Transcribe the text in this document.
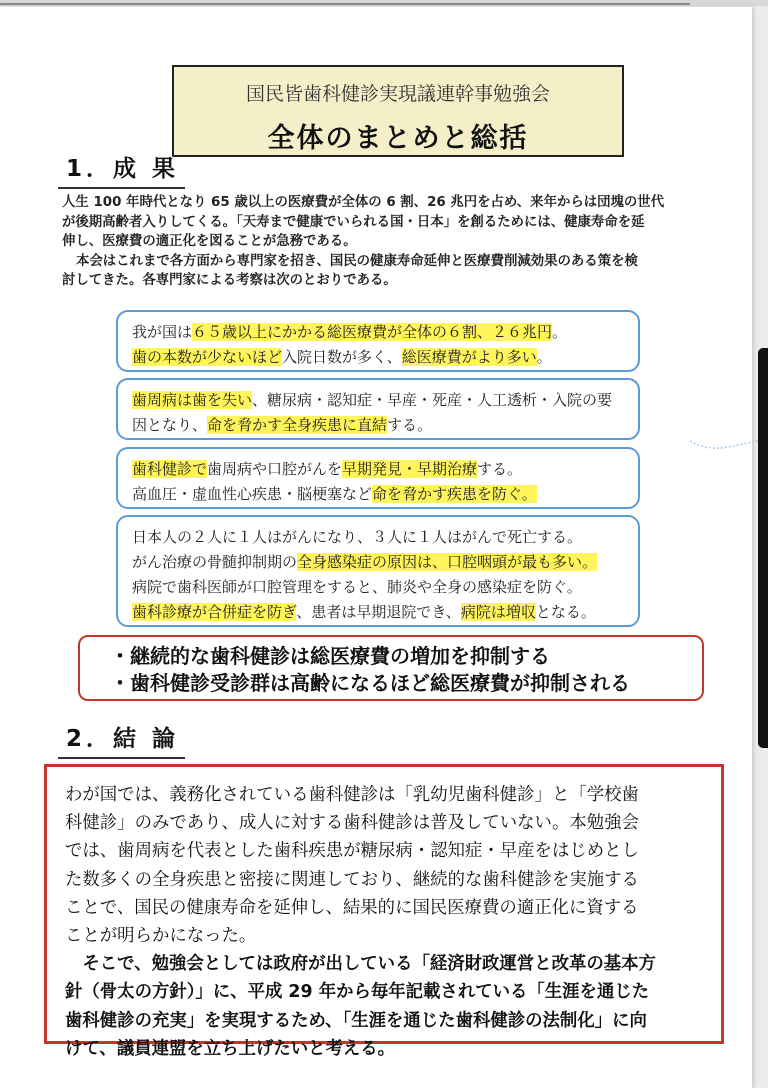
国民皆歯科健診実現議連幹事勉強会
全体のまとめと総括
1．成 果
人生 100 年時代となり 65 歳以上の医療費が全体の 6 割、26 兆円を占め、来年からは団塊の世代
が後期高齢者入りしてくる。「天寿まで健康でいられる国・日本」を創るためには、健康寿命を延
伸し、医療費の適正化を図ることが急務である。
本会はこれまで各方面から専門家を招き、国民の健康寿命延伸と医療費削減効果のある策を検
討してきた。各専門家による考察は次のとおりである。
我が国は６５歳以上にかかる総医療費が全体の６割、２６兆円。
歯の本数が少ないほど入院日数が多く、総医療費がより多い。
歯周病は歯を失い、糖尿病・認知症・早産・死産・人工透析・入院の要
因となり、命を脅かす全身疾患に直結する。
歯科健診で歯周病や口腔がんを早期発見・早期治療する。
高血圧・虚血性心疾患・脳梗塞など命を脅かす疾患を防ぐ。
日本人の２人に１人はがんになり、３人に１人はがんで死亡する。
がん治療の骨髄抑制期の全身感染症の原因は、口腔咽頭が最も多い。
病院で歯科医師が口腔管理をすると、肺炎や全身の感染症を防ぐ。
歯科診療が合併症を防ぎ、患者は早期退院でき、病院は増収となる。
・継続的な歯科健診は総医療費の増加を抑制する
・歯科健診受診群は高齢になるほど総医療費が抑制される
2．結 論
わが国では、義務化されている歯科健診は「乳幼児歯科健診」と「学校歯
科健診」のみであり、成人に対する歯科健診は普及していない。本勉強会
では、歯周病を代表とした歯科疾患が糖尿病・認知症・早産をはじめとし
た数多くの全身疾患と密接に関連しており、継続的な歯科健診を実施する
ことで、国民の健康寿命を延伸し、結果的に国民医療費の適正化に資する
ことが明らかになった。
　そこで、勉強会としては政府が出している「経済財政運営と改革の基本方
針（骨太の方針）」に、平成 29 年から毎年記載されている「生涯を通じた
歯科健診の充実」を実現するため、「生涯を通じた歯科健診の法制化」に向
けて、議員連盟を立ち上げたいと考える。
